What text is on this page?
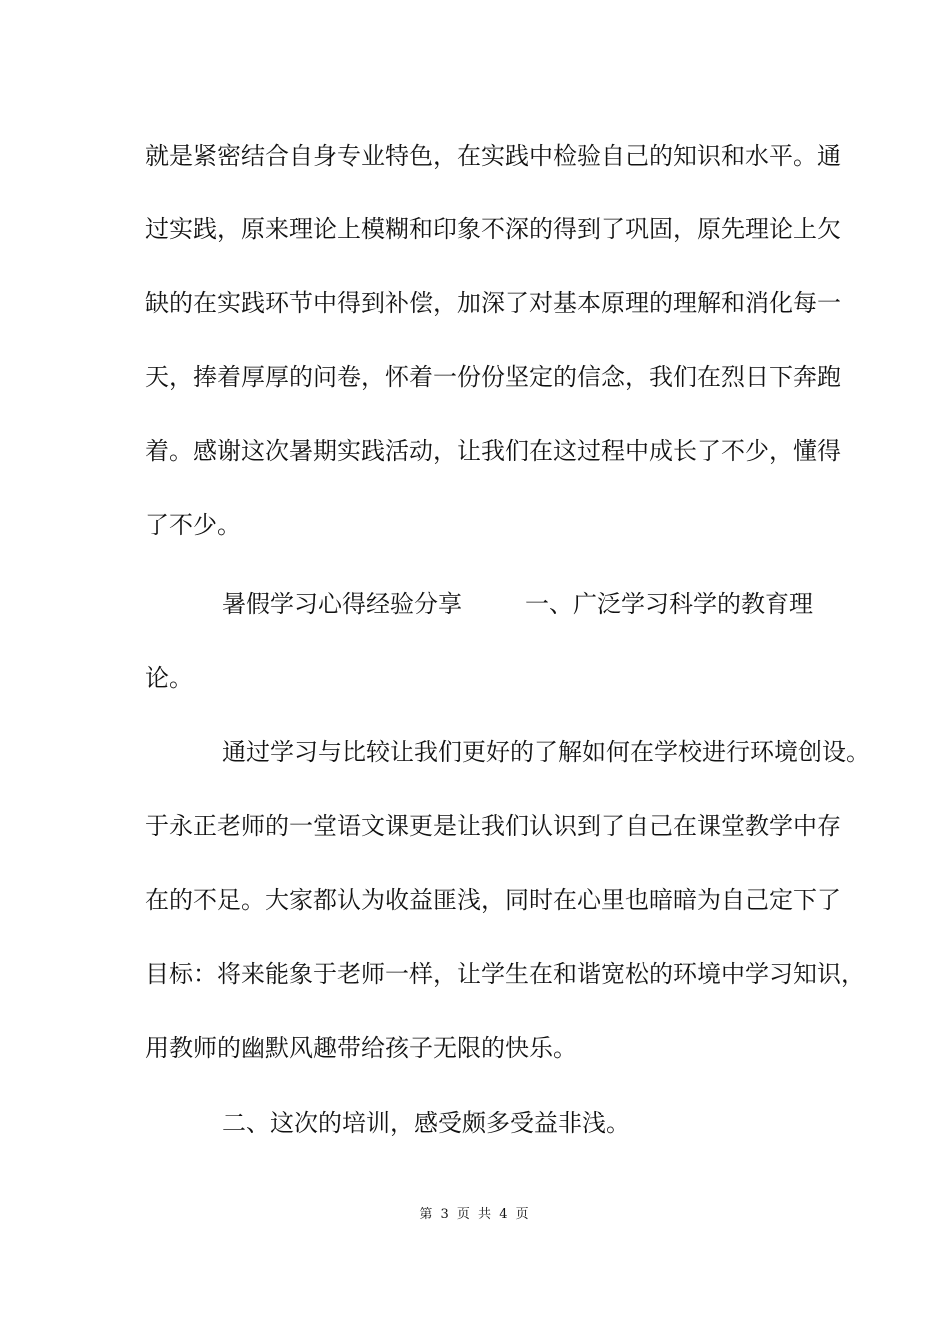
就是紧密结合自身专业特色，在实践中检验自己的知识和水平。通
过实践，原来理论上模糊和印象不深的得到了巩固，原先理论上欠
缺的在实践环节中得到补偿，加深了对基本原理的理解和消化每一
天，捧着厚厚的问卷，怀着一份份坚定的信念，我们在烈日下奔跑
着。感谢这次暑期实践活动，让我们在这过程中成长了不少，懂得
了不少。
暑假学习心得经验分享	一、广泛学习科学的教育理
论。
通过学习与比较让我们更好的了解如何在学校进行环境创设。
于永正老师的一堂语文课更是让我们认识到了自己在课堂教学中存
在的不足。大家都认为收益匪浅，同时在心里也暗暗为自己定下了
目标：将来能象于老师一样，让学生在和谐宽松的环境中学习知识，
用教师的幽默风趣带给孩子无限的快乐。
二、这次的培训，感受颇多受益非浅。
第 3 页 共 4 页
